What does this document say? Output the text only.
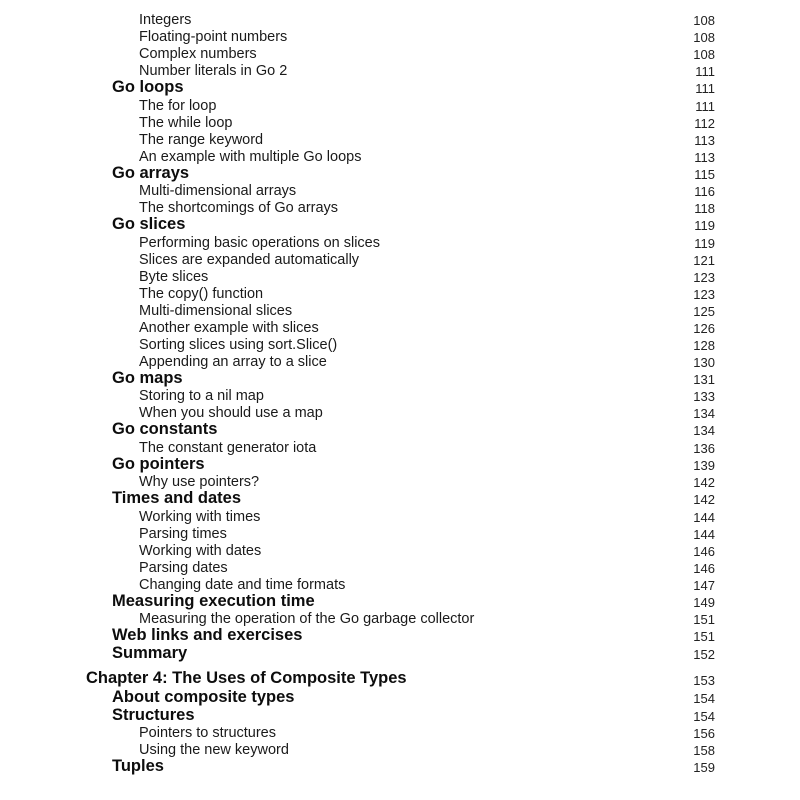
Integers	108
Floating-point numbers	108
Complex numbers	108
Number literals in Go 2	111
Go loops	111
The for loop	111
The while loop	112
The range keyword	113
An example with multiple Go loops	113
Go arrays	115
Multi-dimensional arrays	116
The shortcomings of Go arrays	118
Go slices	119
Performing basic operations on slices	119
Slices are expanded automatically	121
Byte slices	123
The copy() function	123
Multi-dimensional slices	125
Another example with slices	126
Sorting slices using sort.Slice()	128
Appending an array to a slice	130
Go maps	131
Storing to a nil map	133
When you should use a map	134
Go constants	134
The constant generator iota	136
Go pointers	139
Why use pointers?	142
Times and dates	142
Working with times	144
Parsing times	144
Working with dates	146
Parsing dates	146
Changing date and time formats	147
Measuring execution time	149
Measuring the operation of the Go garbage collector	151
Web links and exercises	151
Summary	152
Chapter 4: The Uses of Composite Types	153
About composite types	154
Structures	154
Pointers to structures	156
Using the new keyword	158
Tuples	159
